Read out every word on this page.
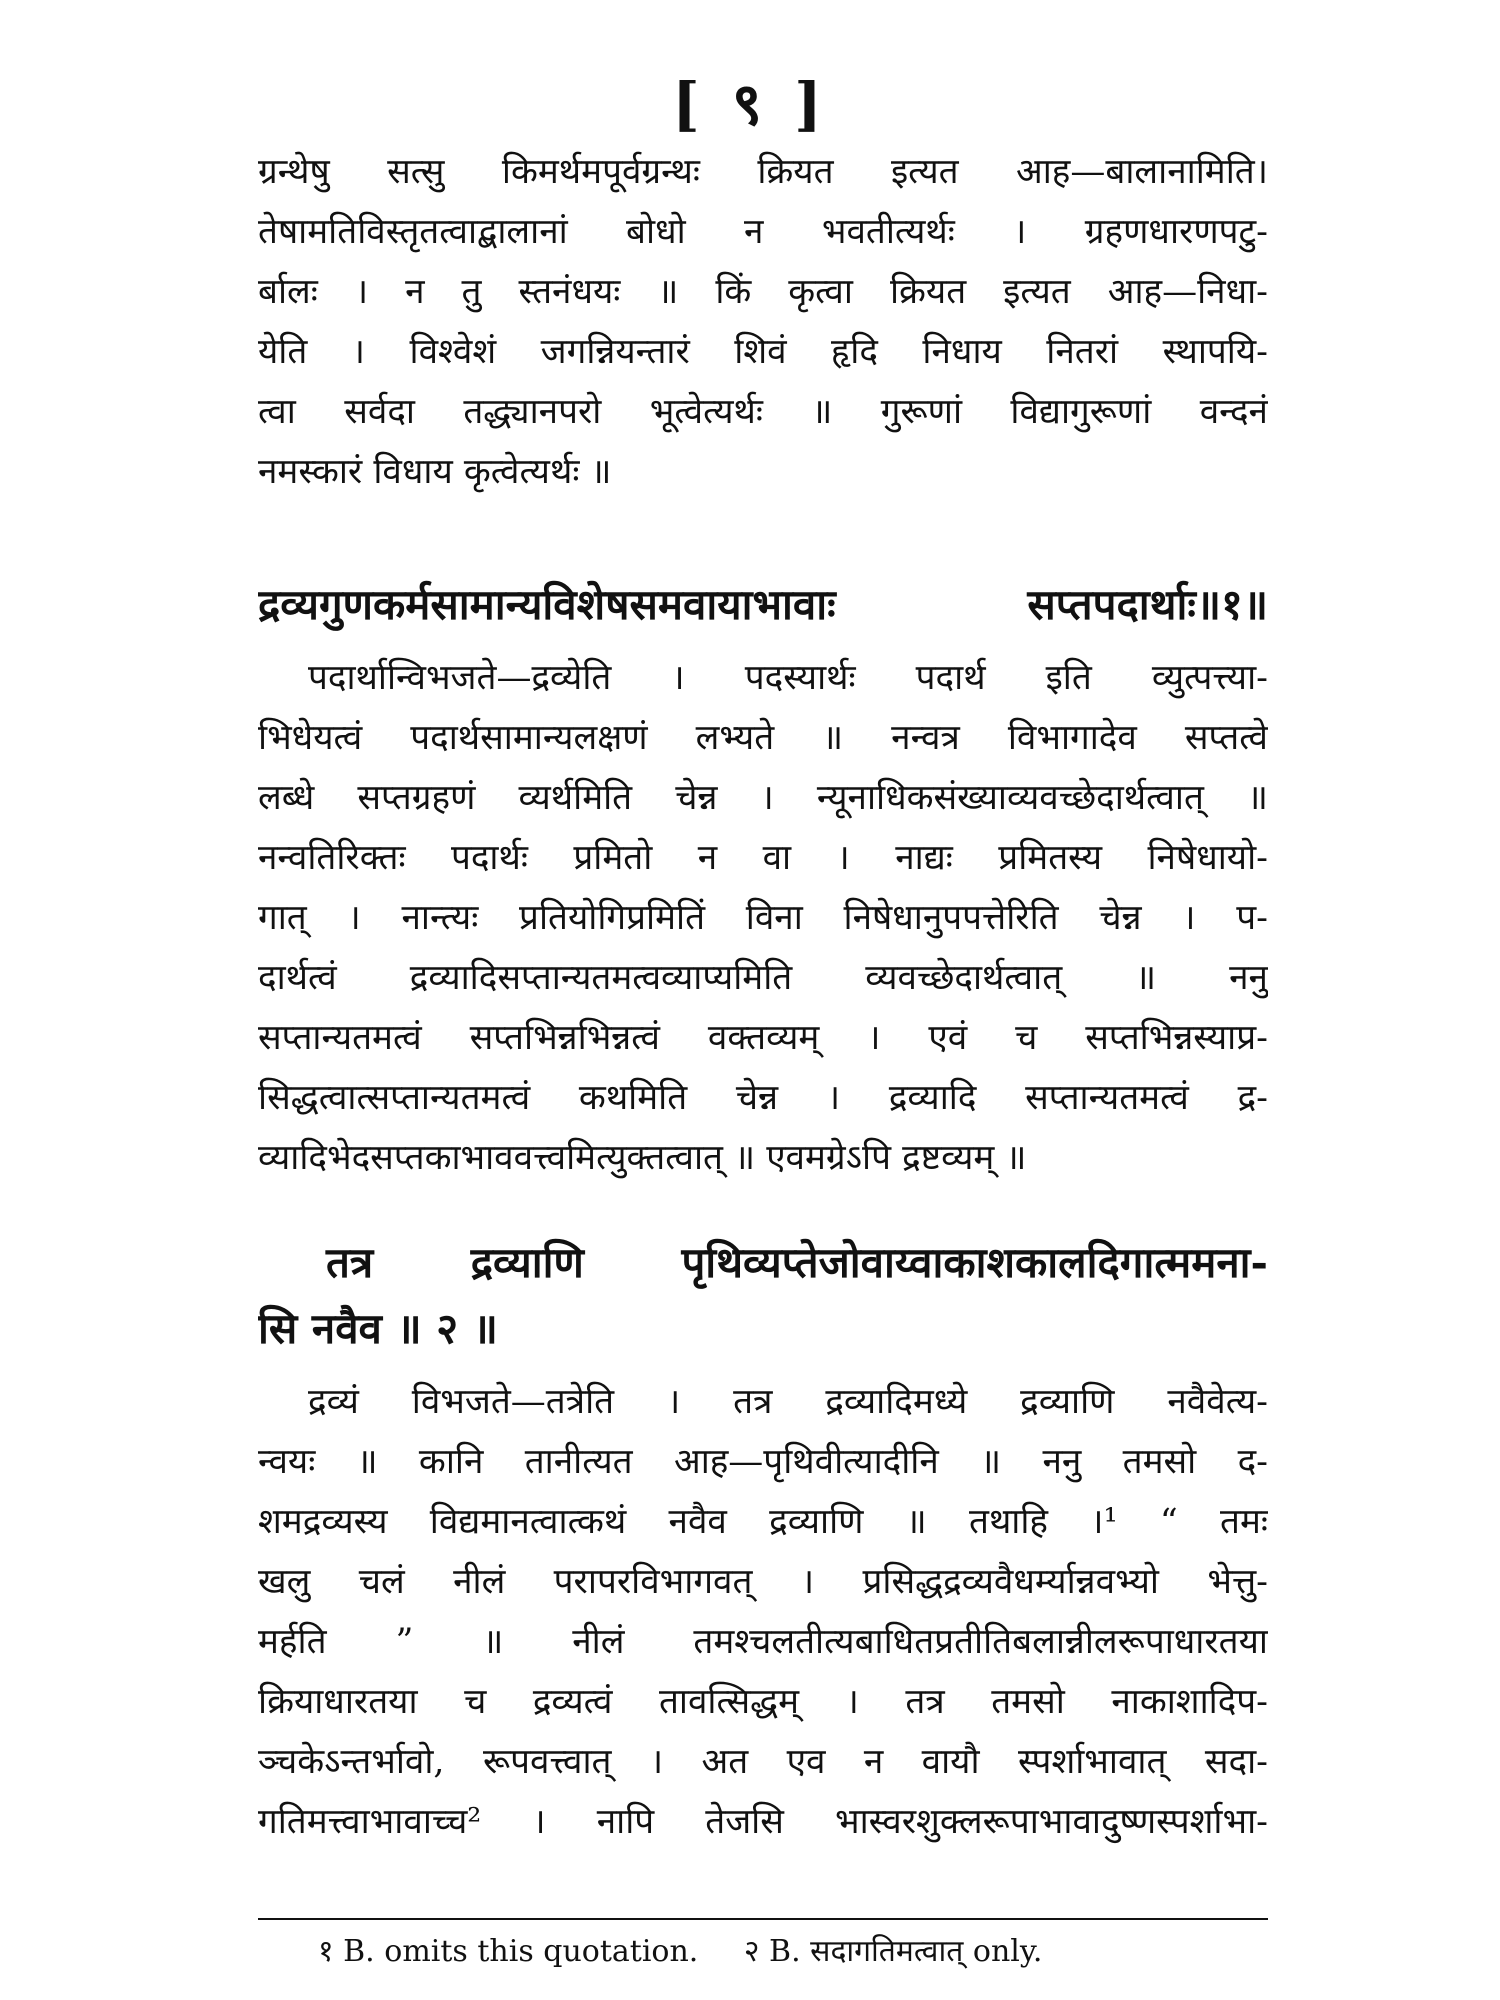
[ ९ ]
ग्रन्थेषु सत्सु किमर्थमपूर्वग्रन्थः क्रियत इत्यत आह—बालानामिति।
तेषामतिविस्तृतत्वाद्बालानां बोधो न भवतीत्यर्थः । ग्रहणधारणपटु-
र्बालः । न तु स्तनंधयः ॥ किं कृत्वा क्रियत इत्यत आह—निधा-
येति । विश्वेशं जगन्नियन्तारं शिवं हृदि निधाय नितरां स्थापयि-
त्वा सर्वदा तद्ध्यानपरो भूत्वेत्यर्थः ॥ गुरूणां विद्यागुरूणां वन्दनं
नमस्कारं विधाय कृत्वेत्यर्थः ॥
द्रव्यगुणकर्मसामान्यविशेषसमवायाभावाः सप्तपदार्थाः॥१॥
पदार्थान्विभजते—द्रव्येति । पदस्यार्थः पदार्थ इति व्युत्पत्त्या-
भिधेयत्वं पदार्थसामान्यलक्षणं लभ्यते ॥ नन्वत्र विभागादेव सप्तत्वे
लब्धे सप्तग्रहणं व्यर्थमिति चेन्न । न्यूनाधिकसंख्याव्यवच्छेदार्थत्वात् ॥
नन्वतिरिक्तः पदार्थः प्रमितो न वा । नाद्यः प्रमितस्य निषेधायो-
गात् । नान्त्यः प्रतियोगिप्रमितिं विना निषेधानुपपत्तेरिति चेन्न । प-
दार्थत्वं द्रव्यादिसप्तान्यतमत्वव्याप्यमिति व्यवच्छेदार्थत्वात् ॥ ननु
सप्तान्यतमत्वं सप्तभिन्नभिन्नत्वं वक्तव्यम् । एवं च सप्तभिन्नस्याप्र-
सिद्धत्वात्सप्तान्यतमत्वं कथमिति चेन्न । द्रव्यादि सप्तान्यतमत्वं द्र-
व्यादिभेदसप्तकाभाववत्त्वमित्युक्तत्वात् ॥ एवमग्रेऽपि द्रष्टव्यम् ॥
तत्र द्रव्याणि पृथिव्यप्तेजोवाय्वाकाशकालदिगात्ममना-
सि नवैव ॥ २ ॥
द्रव्यं विभजते—तत्रेति । तत्र द्रव्यादिमध्ये द्रव्याणि नवैवेत्य-
न्वयः ॥ कानि तानीत्यत आह—पृथिवीत्यादीनि ॥ ननु तमसो द-
शमद्रव्यस्य विद्यमानत्वात्कथं नवैव द्रव्याणि ॥ तथाहि ।¹ “ तमः
खलु चलं नीलं परापरविभागवत् । प्रसिद्धद्रव्यवैधर्म्यान्नवभ्यो भेत्तु-
मर्हति ” ॥ नीलं तमश्चलतीत्यबाधितप्रतीतिबलान्नीलरूपाधारतया
क्रियाधारतया च द्रव्यत्वं तावत्सिद्धम् । तत्र तमसो नाकाशादिप-
ञ्चकेऽन्तर्भावो, रूपवत्त्वात् । अत एव न वायौ स्पर्शाभावात् सदा-
गतिमत्त्वाभावाच्च² । नापि तेजसि भास्वरशुक्लरूपाभावादुष्णस्पर्शाभा-
१ B. omits this quotation. २ B. सदागतिमत्वात् only.
